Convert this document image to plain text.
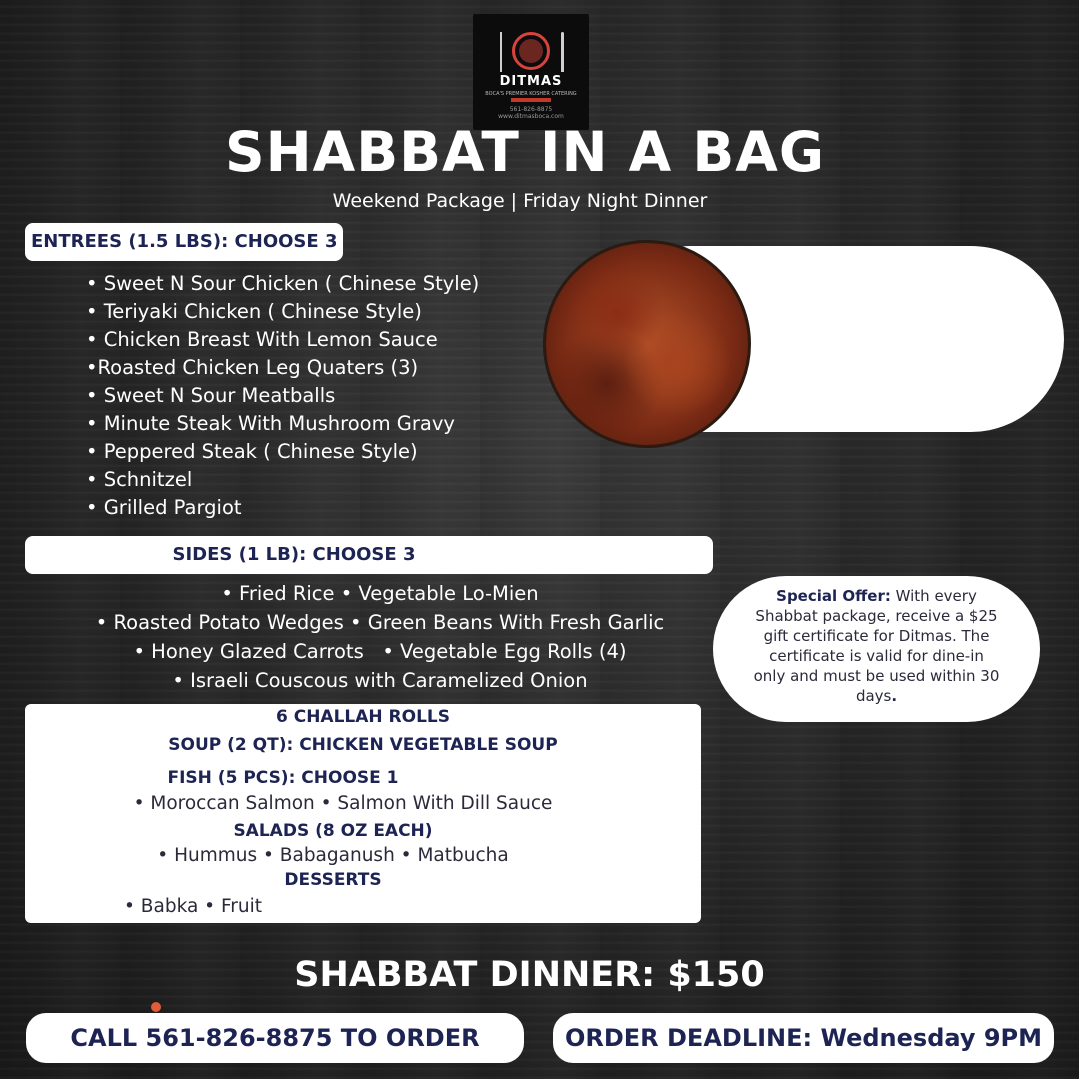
DITMAS
BOCA'S PREMIER KOSHER CATERING
561-826-8875 www.ditmasboca.com
SHABBAT IN A BAG
Weekend Package | Friday Night Dinner
ENTREES (1.5 LBS): CHOOSE 3
• Sweet N Sour Chicken ( Chinese Style)
• Teriyaki Chicken ( Chinese Style)
• Chicken Breast With Lemon Sauce
•Roasted Chicken Leg Quaters (3)
• Sweet N Sour Meatballs
• Minute Steak With Mushroom Gravy
• Peppered Steak ( Chinese Style)
• Schnitzel
• Grilled Pargiot
Special Bonus this week:
Order by Tuesday at 9 pm:
2lb of cholent, deli roll and
order of poppers
SIDES (1 LB): CHOOSE 3
• Fried Rice • Vegetable Lo-Mien
• Roasted Potato Wedges • Green Beans With Fresh Garlic
• Honey Glazed Carrots   • Vegetable Egg Rolls (4)
• Israeli Couscous with Caramelized Onion
Special Offer: With every Shabbat package, receive a $25 gift certificate for Ditmas. The certificate is valid for dine-in only and must be used within 30 days.
6 CHALLAH ROLLS
SOUP (2 QT): CHICKEN VEGETABLE SOUP
FISH (5 PCS): CHOOSE 1
• Moroccan Salmon • Salmon With Dill Sauce
SALADS (8 OZ EACH)
• Hummus • Babaganush • Matbucha
DESSERTS
• Babka • Fruit
SHABBAT DINNER: $150
CALL 561-826-8875 TO ORDER	ORDER DEADLINE: Wednesday 9PM
